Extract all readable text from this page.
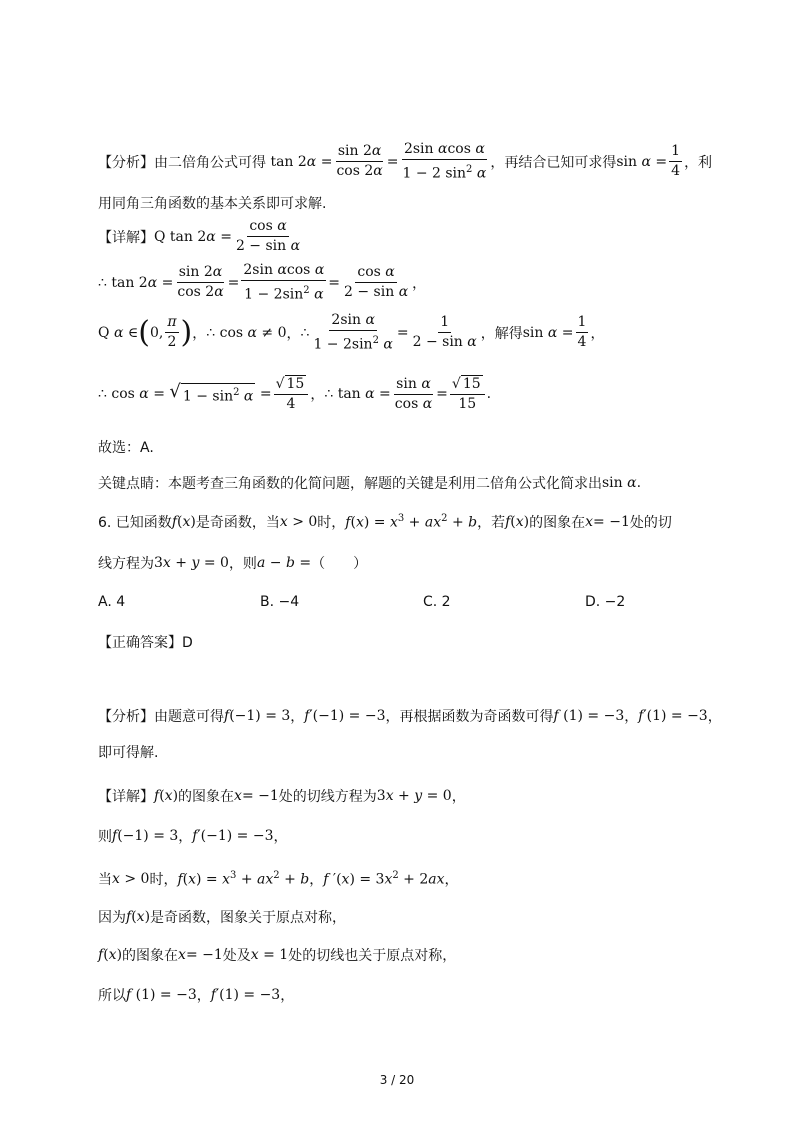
【分析】由二倍角公式可得 $\tan 2\alpha = \frac{\sin 2\alpha}{\cos 2\alpha} = \frac{\text{2sin αcos α}}{1 - 2 \sin^2 \alpha}$ ，再结合已知可求得 $\sin \alpha = \frac{1}{4}$ ，利
用同角三角函数的基本关系即可求解.
【详解】 Q $\tan 2\alpha = \frac{\text{cos α}}{\text{2 − sin α}}$
∴ $\tan 2\alpha = \frac{\sin 2\alpha}{\cos 2\alpha} = \frac{\text{2sin αcos α}}{1 - 2\sin^2 \alpha} = \frac{\text{cos α}}{\text{2 − sin α}}$ ，
Q α ∈ ( 0, $\frac{\pi}{2}$ ) ， ∴ cos α ≠ 0 ， ∴ $\frac{\text{2sin α}}{1 - 2\sin^2 \alpha} = \frac{1}{\text{2 − sin α}}$ ，解得 $\sin \alpha = \frac{1}{4}$ ，
∴ cos α = √ $1 - \sin^2 \alpha = \frac{√ 15}{4}$ ， ∴ $\tan \alpha = \frac{\text{sin α}}{\text{cos α}} = \frac{√ 15}{15}$ .
故选：A.
关键点睛：本题考查三角函数的化简问题，解题的关键是利用二倍角公式化简求出 sin α .
6. 已知函数 f(x) 是奇函数，当 x > 0 时， $f(x) = x^3 + ax^2 + b$ ，若 f(x) 的图象在 x= −1 处的切
线方程为 3x + y = 0 ，则 a − b = （　　）
A. 4	B. −4	C. 2	D. −2
【正确答案】D
【分析】由题意可得 f(−1) = 3 ， f′(−1) = −3 ，再根据函数为奇函数可得 f (1) = −3 ， f′(1) = −3 ，
即可得解.
【详解】 f(x) 的图象在 x= −1 处的切线方程为 3x + y = 0 ，
则 f(−1) = 3 ， f′(−1) = −3 ，
当 x > 0 时， $f(x) = x^3 + ax^2 + b$ ， f $'(x) = 3x^2 + 2ax$ ，
因为 f(x) 是奇函数，图象关于原点对称，
f(x) 的图象在 x= −1 处及 x = 1 处的切线也关于原点对称，
所以 f (1) = −3 ， f′(1) = −3 ，
3 / 20
